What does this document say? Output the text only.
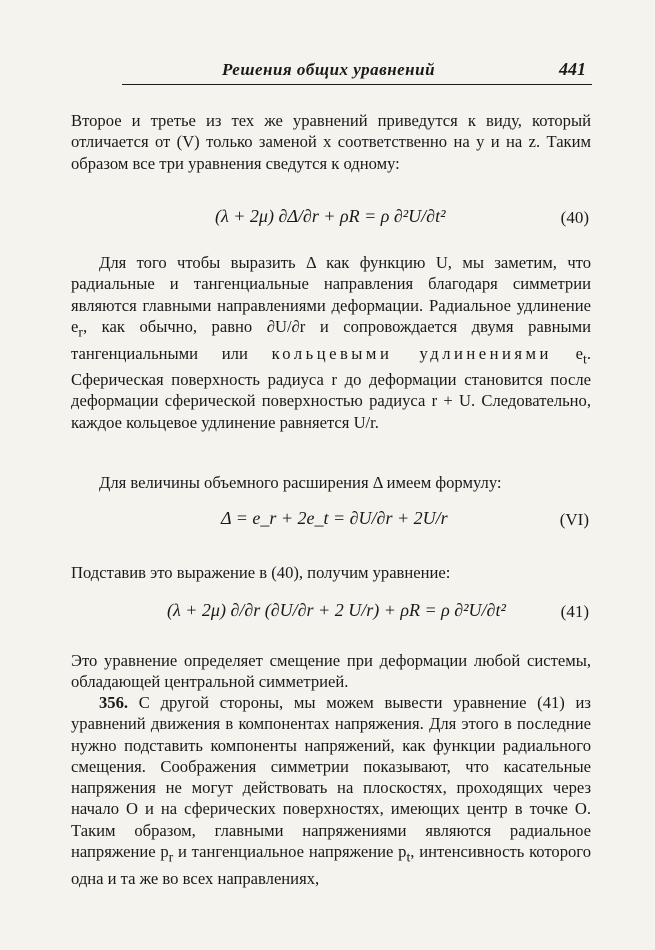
Решения общих уравнений	441

Второе и третье из тех же уравнений приведутся к виду, который отличается от (V) только заменой x соответственно на y и на z. Таким образом все три уравнения сведутся к одному:

(λ + 2μ) ∂Δ/∂r + ρR = ρ ∂²U/∂t²	(40)

Для того чтобы выразить Δ как функцию U, мы заметим, что радиальные и тангенциальные направления благодаря симметрии являются главными направлениями деформации. Радиальное удлинение $e_r$, как обычно, равно ∂U/∂r и сопровождается двумя равными тангенциальными или кольцевыми удлинениями $e_t$. Сферическая поверхность радиуса r до деформации становится после деформации сферической поверхностью радиуса r + U. Следовательно, каждое кольцевое удлинение равняется U/r.

Для величины объемного расширения Δ имеем формулу:

Δ = e_r + 2e_t = ∂U/∂r + 2U/r	(VI)

Подставив это выражение в (40), получим уравнение:

(λ + 2μ) ∂/∂r (∂U/∂r + 2 U/r) + ρR = ρ ∂²U/∂t²	(41)

Это уравнение определяет смещение при деформации любой системы, обладающей центральной симметрией.

356. С другой стороны, мы можем вывести уравнение (41) из уравнений движения в компонентах напряжения. Для этого в последние нужно подставить компоненты напряжений, как функции радиального смещения. Соображения симметрии показывают, что касательные напряжения не могут действовать на плоскостях, проходящих через начало O и на сферических поверхностях, имеющих центр в точке O. Таким образом, главными напряжениями являются радиальное напряжение $p_r$ и тангенциальное напряжение $p_t$, интенсивность которого одна и та же во всех направлениях,
